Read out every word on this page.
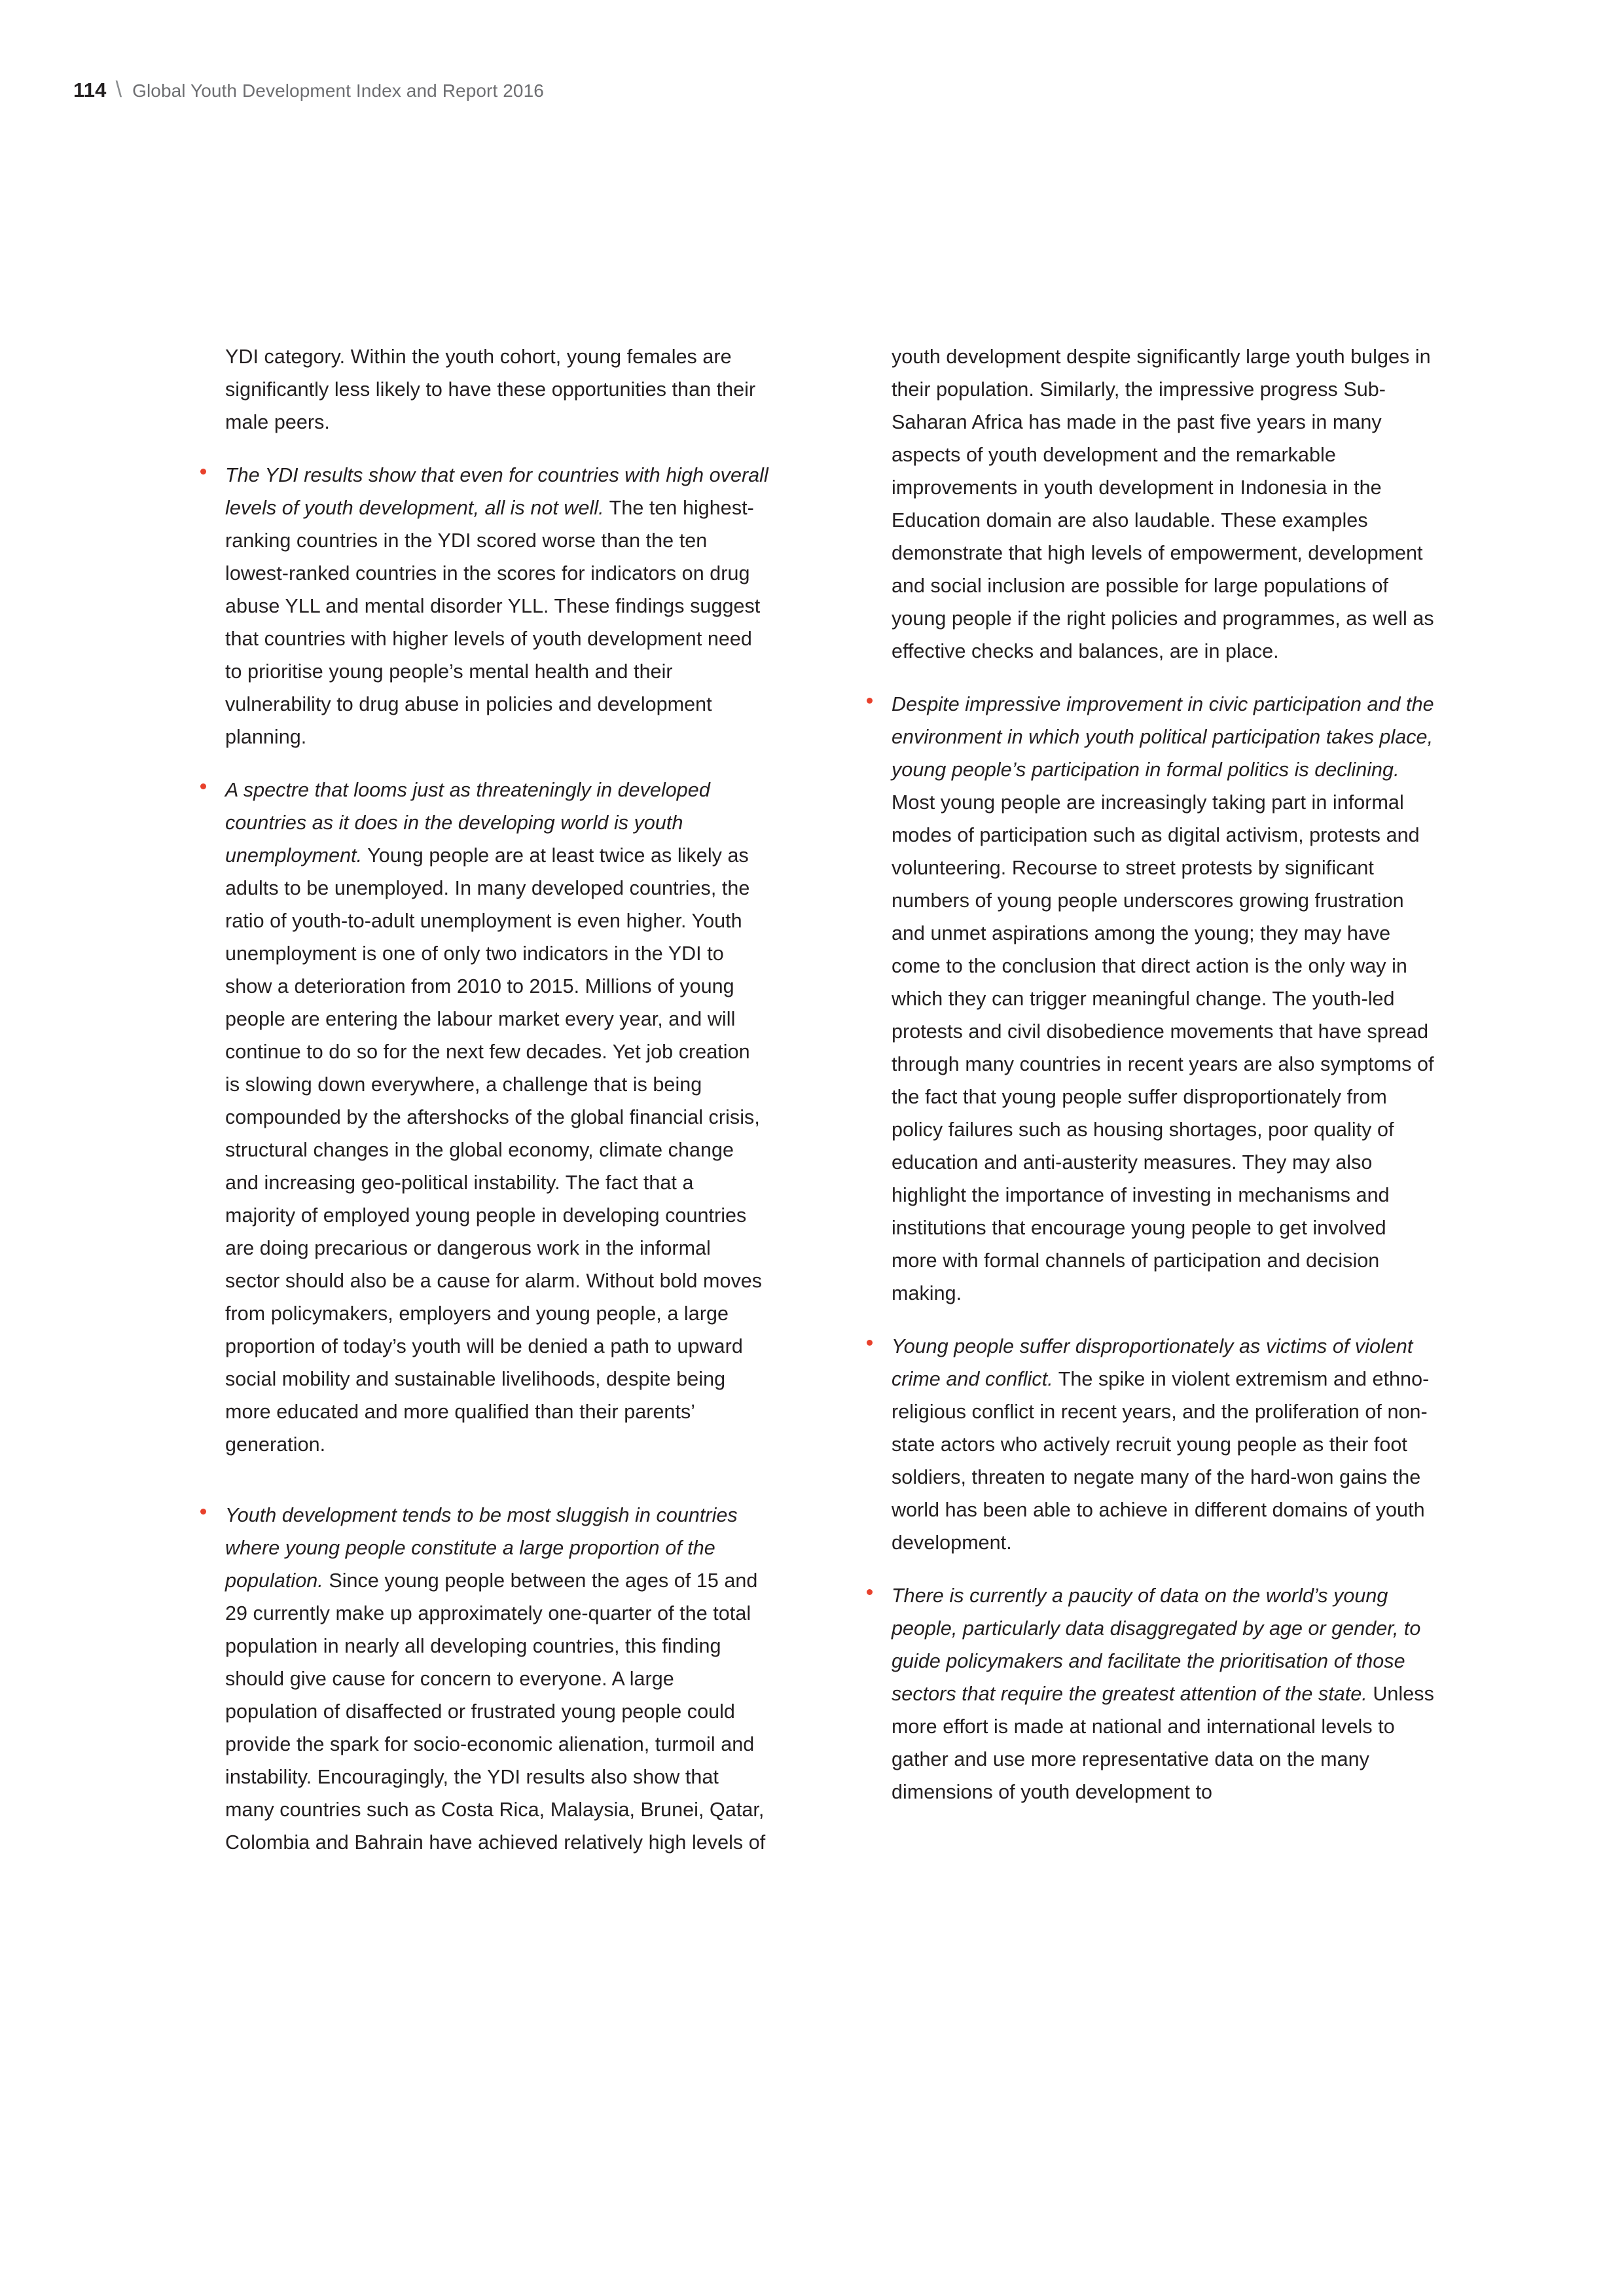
114 \ Global Youth Development Index and Report 2016

YDI category. Within the youth cohort, young females are significantly less likely to have these opportunities than their male peers.

The YDI results show that even for countries with high overall levels of youth development, all is not well. The ten highest-ranking countries in the YDI scored worse than the ten lowest-ranked countries in the scores for indicators on drug abuse YLL and mental disorder YLL. These findings suggest that countries with higher levels of youth development need to prioritise young people’s mental health and their vulnerability to drug abuse in policies and development planning.

A spectre that looms just as threateningly in developed countries as it does in the developing world is youth unemployment. Young people are at least twice as likely as adults to be unemployed. In many developed countries, the ratio of youth-to-adult unemployment is even higher. Youth unemployment is one of only two indicators in the YDI to show a deterioration from 2010 to 2015. Millions of young people are entering the labour market every year, and will continue to do so for the next few decades. Yet job creation is slowing down everywhere, a challenge that is being compounded by the aftershocks of the global financial crisis, structural changes in the global economy, climate change and increasing geo-political instability. The fact that a majority of employed young people in developing countries are doing precarious or dangerous work in the informal sector should also be a cause for alarm. Without bold moves from policymakers, employers and young people, a large proportion of today’s youth will be denied a path to upward social mobility and sustainable livelihoods, despite being more educated and more qualified than their parents’ generation.

Youth development tends to be most sluggish in countries where young people constitute a large proportion of the population. Since young people between the ages of 15 and 29 currently make up approximately one-quarter of the total population in nearly all developing countries, this finding should give cause for concern to everyone. A large population of disaffected or frustrated young people could provide the spark for socio-economic alienation, turmoil and instability. Encouragingly, the YDI results also show that many countries such as Costa Rica, Malaysia, Brunei, Qatar, Colombia and Bahrain have achieved relatively high levels of

youth development despite significantly large youth bulges in their population. Similarly, the impressive progress Sub-Saharan Africa has made in the past five years in many aspects of youth development and the remarkable improvements in youth development in Indonesia in the Education domain are also laudable. These examples demonstrate that high levels of empowerment, development and social inclusion are possible for large populations of young people if the right policies and programmes, as well as effective checks and balances, are in place.

Despite impressive improvement in civic participation and the environment in which youth political participation takes place, young people’s participation in formal politics is declining. Most young people are increasingly taking part in informal modes of participation such as digital activism, protests and volunteering. Recourse to street protests by significant numbers of young people underscores growing frustration and unmet aspirations among the young; they may have come to the conclusion that direct action is the only way in which they can trigger meaningful change. The youth-led protests and civil disobedience movements that have spread through many countries in recent years are also symptoms of the fact that young people suffer disproportionately from policy failures such as housing shortages, poor quality of education and anti-austerity measures. They may also highlight the importance of investing in mechanisms and institutions that encourage young people to get involved more with formal channels of participation and decision making.

Young people suffer disproportionately as victims of violent crime and conflict. The spike in violent extremism and ethno-religious conflict in recent years, and the proliferation of non-state actors who actively recruit young people as their foot soldiers, threaten to negate many of the hard-won gains the world has been able to achieve in different domains of youth development.

There is currently a paucity of data on the world’s young people, particularly data disaggregated by age or gender, to guide policymakers and facilitate the prioritisation of those sectors that require the greatest attention of the state. Unless more effort is made at national and international levels to gather and use more representative data on the many dimensions of youth development to
